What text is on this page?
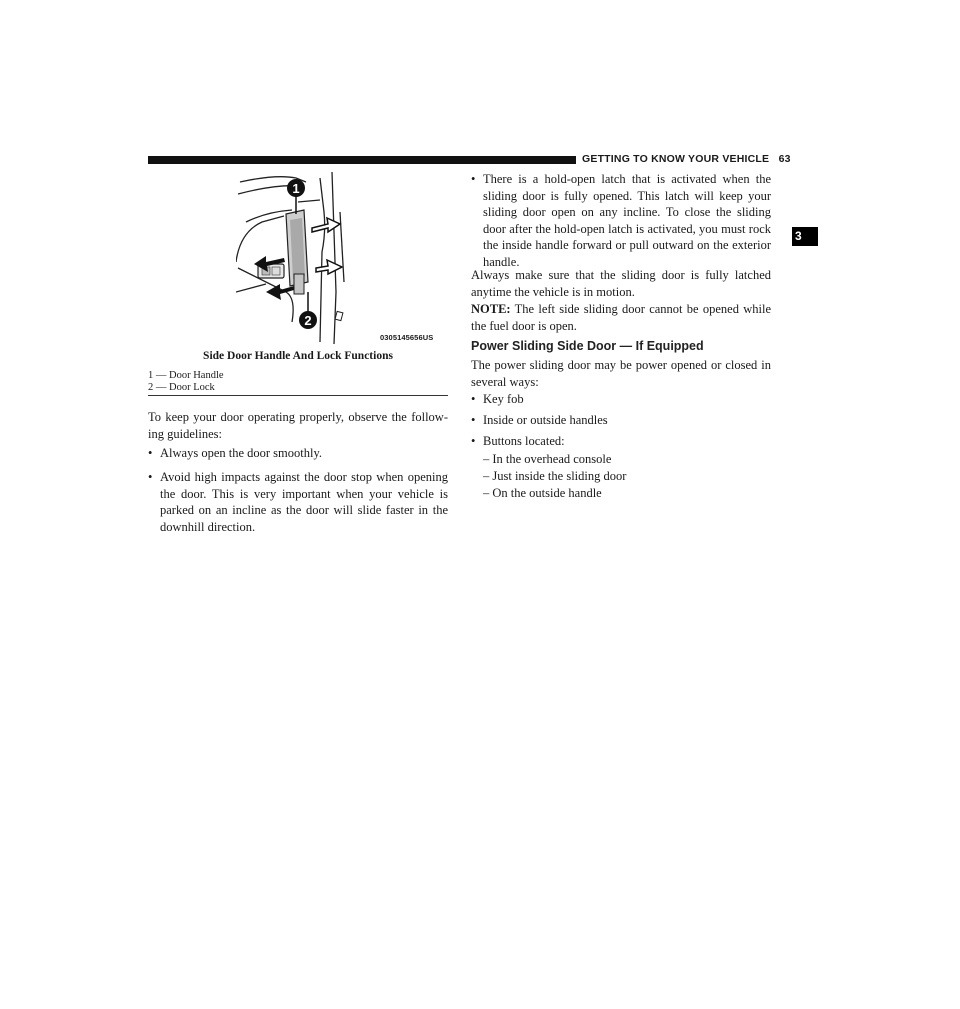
GETTING TO KNOW YOUR VEHICLE 63
3
1
2
0305145656US
Side Door Handle And Lock Functions
1 — Door Handle
2 — Door Lock
To keep your door operating properly, observe the follow-ing guidelines:
• Always open the door smoothly.
• Avoid high impacts against the door stop when opening the door. This is very important when your vehicle is parked on an incline as the door will slide faster in the downhill direction.
• There is a hold-open latch that is activated when the sliding door is fully opened. This latch will keep your sliding door open on any incline. To close the sliding door after the hold-open latch is activated, you must rock the inside handle forward or pull outward on the exterior handle.
Always make sure that the sliding door is fully latched anytime the vehicle is in motion.
NOTE: The left side sliding door cannot be opened while the fuel door is open.
Power Sliding Side Door — If Equipped
The power sliding door may be power opened or closed in several ways:
• Key fob
• Inside or outside handles
• Buttons located:
– In the overhead console
– Just inside the sliding door
– On the outside handle
